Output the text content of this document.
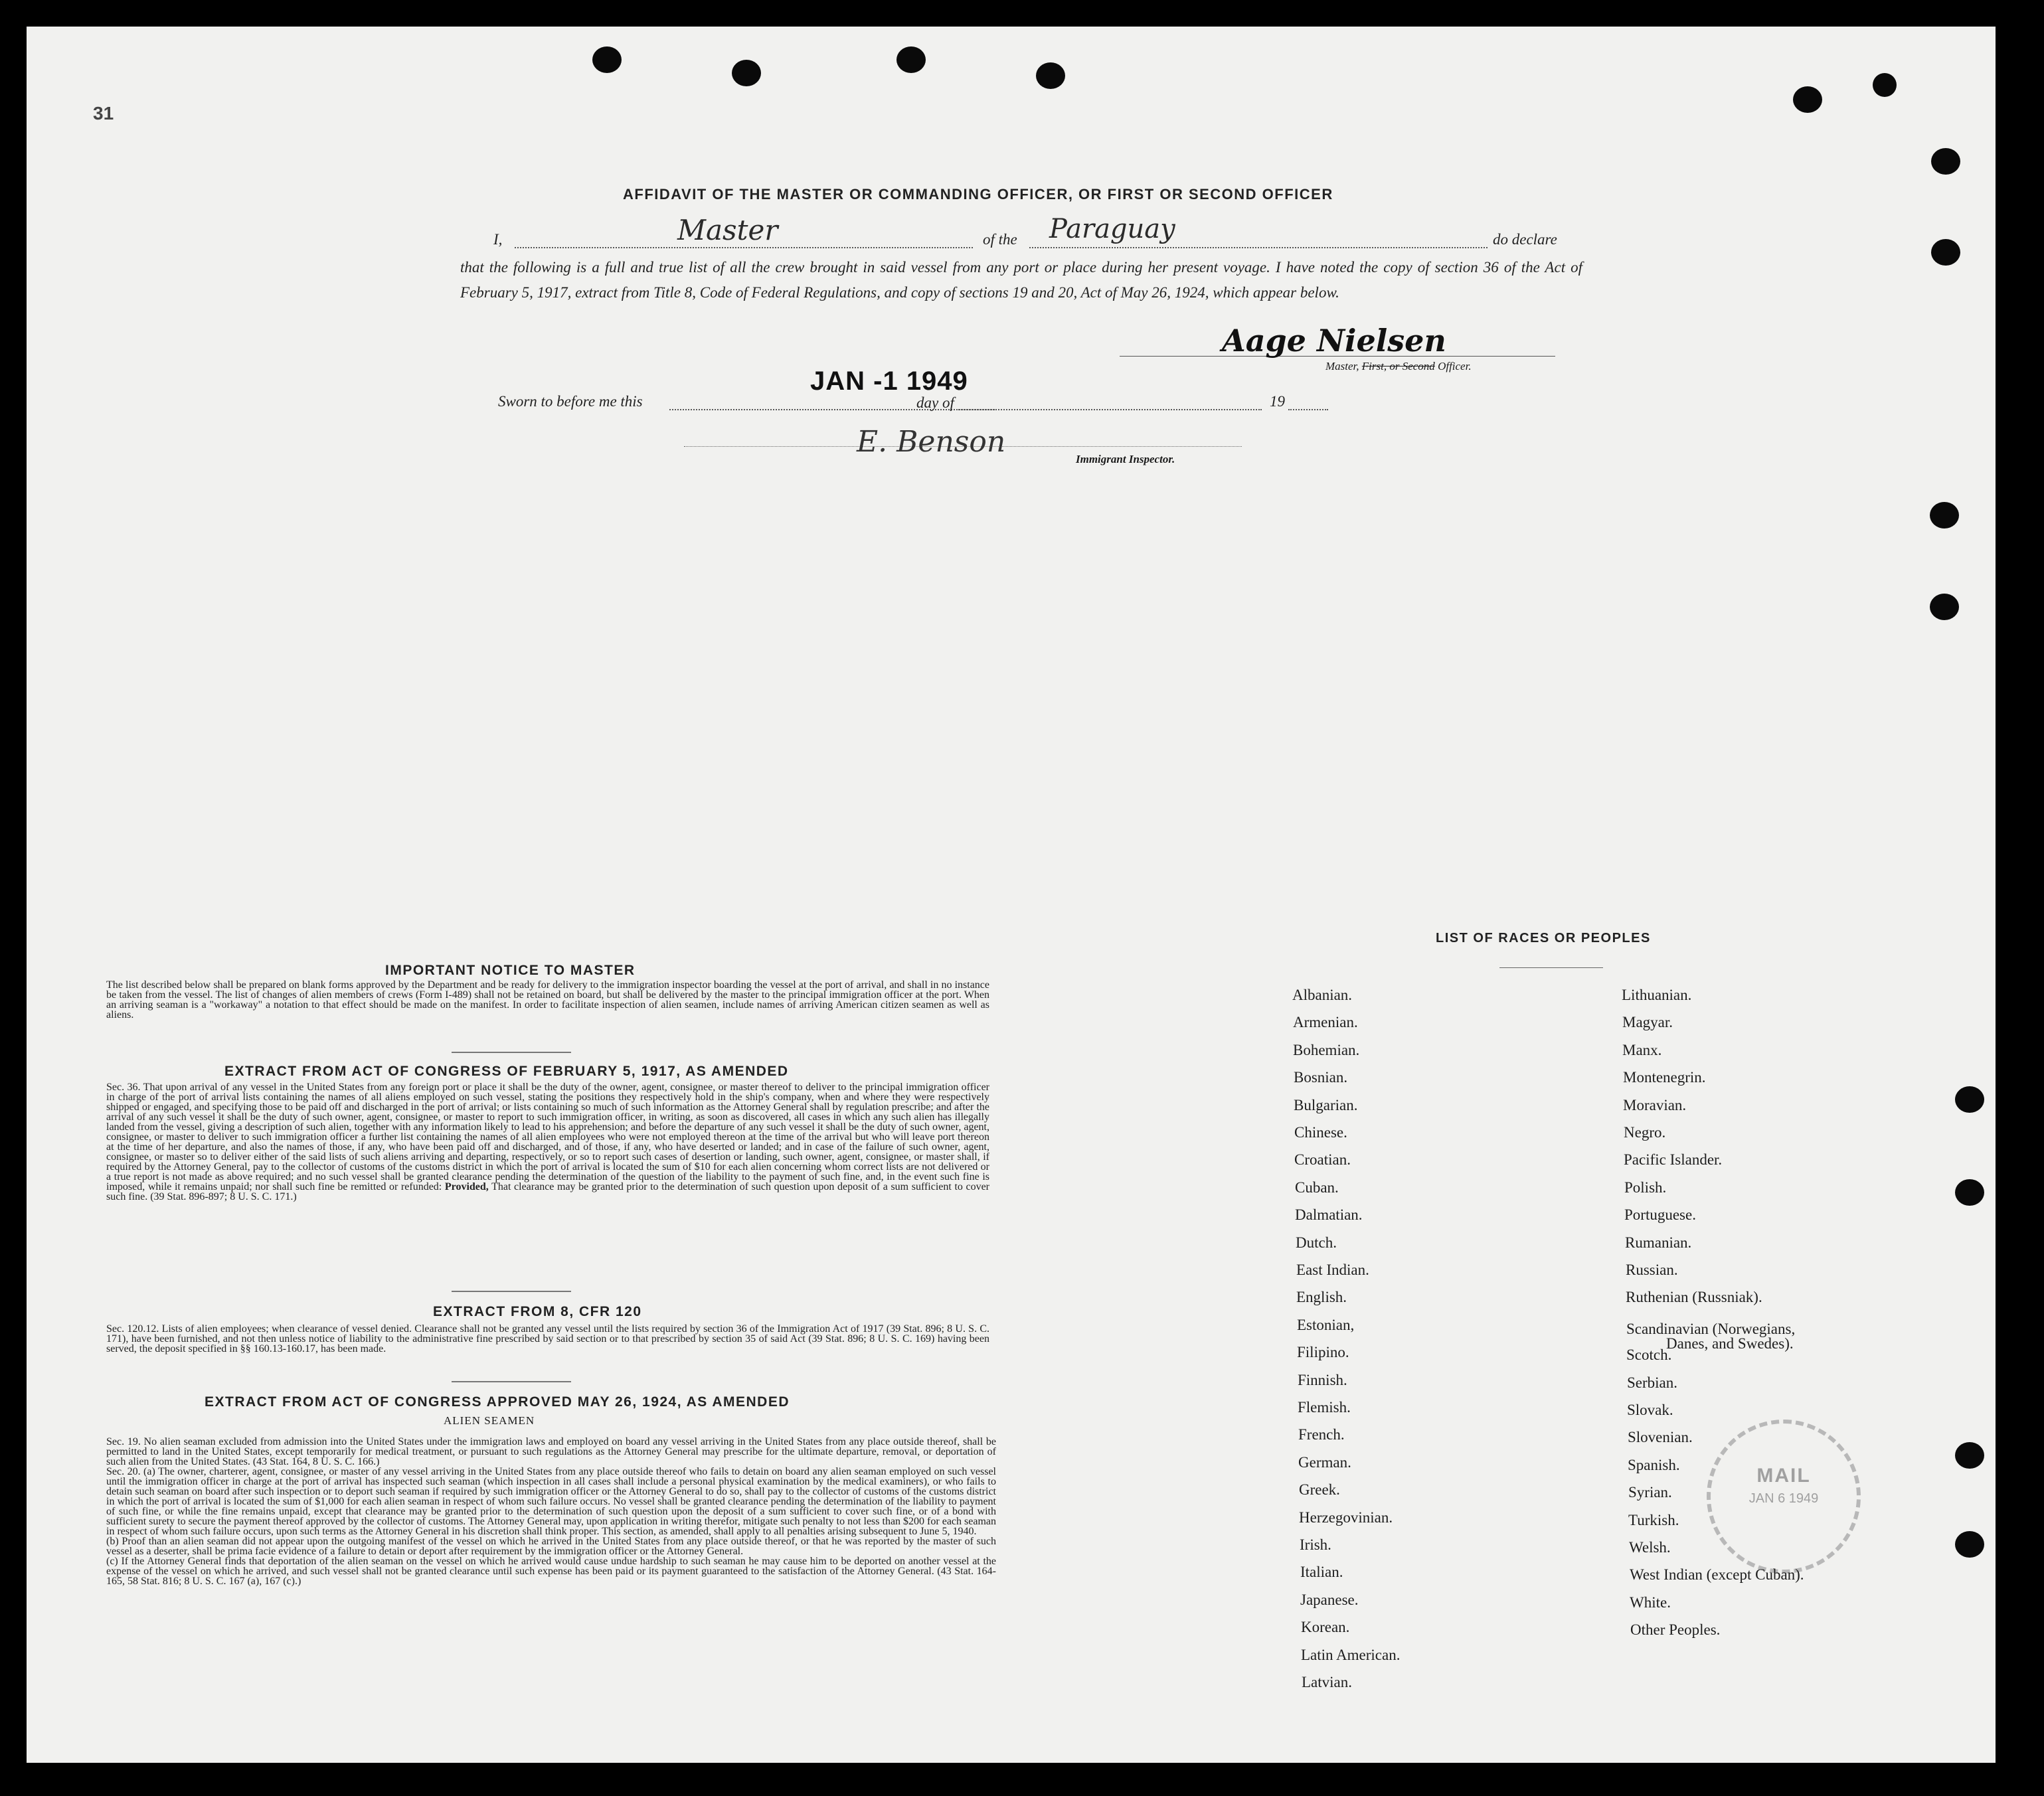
31
AFFIDAVIT OF THE MASTER OR COMMANDING OFFICER, OR FIRST OR SECOND OFFICER
I,	Master	of the Paraguay	do declare
that the following is a full and true list of all the crew brought in said vessel from any port or place during her present voyage. I have noted the copy of section 36 of the Act of February 5, 1917, extract from Title 8, Code of Federal Regulations, and copy of sections 19 and 20, Act of May 26, 1924, which appear below.
Aage Nielsen
Master, First, or Second Officer.
Sworn to before me this
JAN -1 1949
day of	19
E. Benson
Immigrant Inspector.
IMPORTANT NOTICE TO MASTER
The list described below shall be prepared on blank forms approved by the Department and be ready for delivery to the immigration inspector boarding the vessel at the port of arrival, and shall in no instance be taken from the vessel. The list of changes of alien members of crews (Form I-489) shall not be retained on board, but shall be delivered by the master to the principal immigration officer at the port. When an arriving seaman is a "workaway" a notation to that effect should be made on the manifest. In order to facilitate inspection of alien seamen, include names of arriving American citizen seamen as well as aliens.
EXTRACT FROM ACT OF CONGRESS OF FEBRUARY 5, 1917, AS AMENDED
Sec. 36. That upon arrival of any vessel in the United States from any foreign port or place it shall be the duty of the owner, agent, consignee, or master thereof to deliver to the principal immigration officer in charge of the port of arrival lists containing the names of all aliens employed on such vessel, stating the positions they respectively hold in the ship's company, when and where they were respectively shipped or engaged, and specifying those to be paid off and discharged in the port of arrival; or lists containing so much of such information as the Attorney General shall by regulation prescribe; and after the arrival of any such vessel it shall be the duty of such owner, agent, consignee, or master to report to such immigration officer, in writing, as soon as discovered, all cases in which any such alien has illegally landed from the vessel, giving a description of such alien, together with any information likely to lead to his apprehension; and before the departure of any such vessel it shall be the duty of such owner, agent, consignee, or master to deliver to such immigration officer a further list containing the names of all alien employees who were not employed thereon at the time of the arrival but who will leave port thereon at the time of her departure, and also the names of those, if any, who have been paid off and discharged, and of those, if any, who have deserted or landed; and in case of the failure of such owner, agent, consignee, or master so to deliver either of the said lists of such aliens arriving and departing, respectively, or so to report such cases of desertion or landing, such owner, agent, consignee, or master shall, if required by the Attorney General, pay to the collector of customs of the customs district in which the port of arrival is located the sum of $10 for each alien concerning whom correct lists are not delivered or a true report is not made as above required; and no such vessel shall be granted clearance pending the determination of the question of the liability to the payment of such fine, and, in the event such fine is imposed, while it remains unpaid; nor shall such fine be remitted or refunded: Provided, That clearance may be granted prior to the determination of such question upon deposit of a sum sufficient to cover such fine. (39 Stat. 896-897; 8 U. S. C. 171.)
EXTRACT FROM 8, CFR 120
Sec. 120.12. Lists of alien employees; when clearance of vessel denied. Clearance shall not be granted any vessel until the lists required by section 36 of the Immigration Act of 1917 (39 Stat. 896; 8 U. S. C. 171), have been furnished, and not then unless notice of liability to the administrative fine prescribed by said section or to that prescribed by section 35 of said Act (39 Stat. 896; 8 U. S. C. 169) having been served, the deposit specified in §§ 160.13-160.17, has been made.
EXTRACT FROM ACT OF CONGRESS APPROVED MAY 26, 1924, AS AMENDED
ALIEN SEAMEN
Sec. 19. No alien seaman excluded from admission into the United States under the immigration laws and employed on board any vessel arriving in the United States from any place outside thereof, shall be permitted to land in the United States, except temporarily for medical treatment, or pursuant to such regulations as the Attorney General may prescribe for the ultimate departure, removal, or deportation of such alien from the United States. (43 Stat. 164, 8 U. S. C. 166.)
Sec. 20. (a) The owner, charterer, agent, consignee, or master of any vessel arriving in the United States from any place outside thereof who fails to detain on board any alien seaman employed on such vessel until the immigration officer in charge at the port of arrival has inspected such seaman (which inspection in all cases shall include a personal physical examination by the medical examiners), or who fails to detain such seaman on board after such inspection or to deport such seaman if required by such immigration officer or the Attorney General to do so, shall pay to the collector of customs of the customs district in which the port of arrival is located the sum of $1,000 for each alien seaman in respect of whom such failure occurs. No vessel shall be granted clearance pending the determination of the liability to payment of such fine, or while the fine remains unpaid, except that clearance may be granted prior to the determination of such question upon the deposit of a sum sufficient to cover such fine, or of a bond with sufficient surety to secure the payment thereof approved by the collector of customs. The Attorney General may, upon application in writing therefor, mitigate such penalty to not less than $200 for each seaman in respect of whom such failure occurs, upon such terms as the Attorney General in his discretion shall think proper. This section, as amended, shall apply to all penalties arising subsequent to June 5, 1940.
(b) Proof than an alien seaman did not appear upon the outgoing manifest of the vessel on which he arrived in the United States from any place outside thereof, or that he was reported by the master of such vessel as a deserter, shall be prima facie evidence of a failure to detain or deport after requirement by the immigration officer or the Attorney General.
(c) If the Attorney General finds that deportation of the alien seaman on the vessel on which he arrived would cause undue hardship to such seaman he may cause him to be deported on another vessel at the expense of the vessel on which he arrived, and such vessel shall not be granted clearance until such expense has been paid or its payment guaranteed to the satisfaction of the Attorney General. (43 Stat. 164-165, 58 Stat. 816; 8 U. S. C. 167 (a), 167 (c).)
LIST OF RACES OR PEOPLES
MAIL
JAN 6 1949
Albanian.
Armenian.
Bohemian.
Bosnian.
Bulgarian.
Chinese.
Croatian.
Cuban.
Dalmatian.
Dutch.
East Indian.
English.
Estonian,
Filipino.
Finnish.
Flemish.
French.
German.
Greek.
Herzegovinian.
Irish.
Italian.
Japanese.
Korean.
Latin American.
Latvian.
Lithuanian.
Magyar.
Manx.
Montenegrin.
Moravian.
Negro.
Pacific Islander.
Polish.
Portuguese.
Rumanian.
Russian.
Ruthenian (Russniak).
Scandinavian (Norwegians,
Danes, and Swedes).
Scotch.
Serbian.
Slovak.
Slovenian.
Spanish.
Syrian.
Turkish.
Welsh.
West Indian (except Cuban).
White.
Other Peoples.
